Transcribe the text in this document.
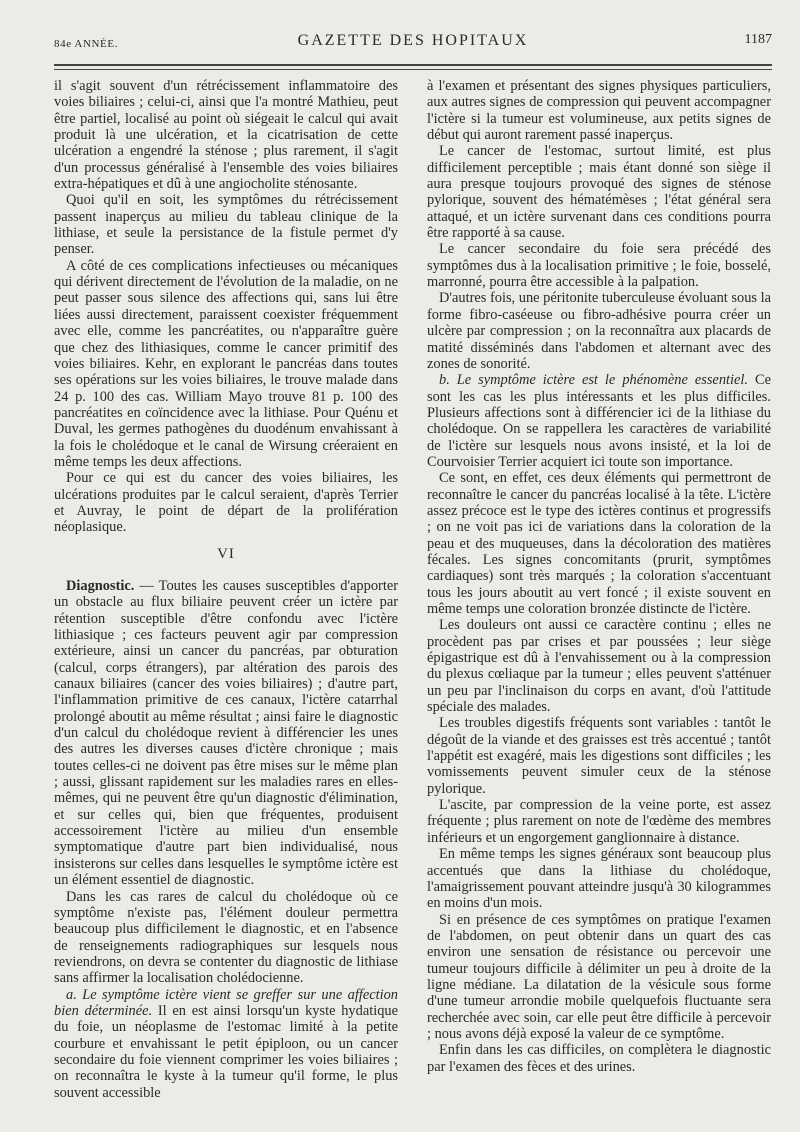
84e ANNÉE.	GAZETTE DES HOPITAUX	1187

il s'agit souvent d'un rétrécissement inflammatoire des voies biliaires ; celui-ci, ainsi que l'a montré Mathieu, peut être partiel, localisé au point où siégeait le calcul qui avait produit là une ulcération, et la cicatrisation de cette ulcération a engendré la sténose ; plus rarement, il s'agit d'un processus généralisé à l'ensemble des voies biliaires extra-hépatiques et dû à une angiocholite sténosante.

Quoi qu'il en soit, les symptômes du rétrécissement passent inaperçus au milieu du tableau clinique de la lithiase, et seule la persistance de la fistule permet d'y penser.

A côté de ces complications infectieuses ou mécaniques qui dérivent directement de l'évolution de la maladie, on ne peut passer sous silence des affections qui, sans lui être liées aussi directement, paraissent coexister fréquemment avec elle, comme les pancréatites, ou n'apparaître guère que chez des lithiasiques, comme le cancer primitif des voies biliaires. Kehr, en explorant le pancréas dans toutes ses opérations sur les voies biliaires, le trouve malade dans 24 p. 100 des cas. William Mayo trouve 81 p. 100 des pancréatites en coïncidence avec la lithiase. Pour Quénu et Duval, les germes pathogènes du duodénum envahissant à la fois le cholédoque et le canal de Wirsung créeraient en même temps les deux affections.

Pour ce qui est du cancer des voies biliaires, les ulcérations produites par le calcul seraient, d'après Terrier et Auvray, le point de départ de la prolifération néoplasique.

VI

Diagnostic. — Toutes les causes susceptibles d'apporter un obstacle au flux biliaire peuvent créer un ictère par rétention susceptible d'être confondu avec l'ictère lithiasique ; ces facteurs peuvent agir par compression extérieure, ainsi un cancer du pancréas, par obturation (calcul, corps étrangers), par altération des parois des canaux biliaires (cancer des voies biliaires) ; d'autre part, l'inflammation primitive de ces canaux, l'ictère catarrhal prolongé aboutit au même résultat ; ainsi faire le diagnostic d'un calcul du cholédoque revient à différencier les unes des autres les diverses causes d'ictère chronique ; mais toutes celles-ci ne doivent pas être mises sur le même plan ; aussi, glissant rapidement sur les maladies rares en elles-mêmes, qui ne peuvent être qu'un diagnostic d'élimination, et sur celles qui, bien que fréquentes, produisent accessoirement l'ictère au milieu d'un ensemble symptomatique d'autre part bien individualisé, nous insisterons sur celles dans lesquelles le symptôme ictère est un élément essentiel de diagnostic.

Dans les cas rares de calcul du cholédoque où ce symptôme n'existe pas, l'élément douleur permettra beaucoup plus difficilement le diagnostic, et en l'absence de renseignements radiographiques sur lesquels nous reviendrons, on devra se contenter du diagnostic de lithiase sans affirmer la localisation cholédocienne.

a. Le symptôme ictère vient se greffer sur une affection bien déterminée. Il en est ainsi lorsqu'un kyste hydatique du foie, un néoplasme de l'estomac limité à la petite courbure et envahissant le petit épiploon, ou un cancer secondaire du foie viennent comprimer les voies biliaires ; on reconnaîtra le kyste à la tumeur qu'il forme, le plus souvent accessible

à l'examen et présentant des signes physiques particuliers, aux autres signes de compression qui peuvent accompagner l'ictère si la tumeur est volumineuse, aux petits signes de début qui auront rarement passé inaperçus.

Le cancer de l'estomac, surtout limité, est plus difficilement perceptible ; mais étant donné son siège il aura presque toujours provoqué des signes de sténose pylorique, souvent des hématémèses ; l'état général sera attaqué, et un ictère survenant dans ces conditions pourra être rapporté à sa cause.

Le cancer secondaire du foie sera précédé des symptômes dus à la localisation primitive ; le foie, bosselé, marronné, pourra être accessible à la palpation.

D'autres fois, une péritonite tuberculeuse évoluant sous la forme fibro-caséeuse ou fibro-adhésive pourra créer un ulcère par compression ; on la reconnaîtra aux placards de matité disséminés dans l'abdomen et alternant avec des zones de sonorité.

b. Le symptôme ictère est le phénomène essentiel. Ce sont les cas les plus intéressants et les plus difficiles. Plusieurs affections sont à différencier ici de la lithiase du cholédoque. On se rappellera les caractères de variabilité de l'ictère sur lesquels nous avons insisté, et la loi de Courvoisier Terrier acquiert ici toute son importance.

Ce sont, en effet, ces deux éléments qui permettront de reconnaître le cancer du pancréas localisé à la tête. L'ictère assez précoce est le type des ictères continus et progressifs ; on ne voit pas ici de variations dans la coloration de la peau et des muqueuses, dans la décoloration des matières fécales. Les signes concomitants (prurit, symptômes cardiaques) sont très marqués ; la coloration s'accentuant tous les jours aboutit au vert foncé ; il existe souvent en même temps une coloration bronzée distincte de l'ictère.

Les douleurs ont aussi ce caractère continu ; elles ne procèdent pas par crises et par poussées ; leur siège épigastrique est dû à l'envahissement ou à la compression du plexus cœliaque par la tumeur ; elles peuvent s'atténuer un peu par l'inclinaison du corps en avant, d'où l'attitude spéciale des malades.

Les troubles digestifs fréquents sont variables : tantôt le dégoût de la viande et des graisses est très accentué ; tantôt l'appétit est exagéré, mais les digestions sont difficiles ; les vomissements peuvent simuler ceux de la sténose pylorique.

L'ascite, par compression de la veine porte, est assez fréquente ; plus rarement on note de l'œdème des membres inférieurs et un engorgement ganglionnaire à distance.

En même temps les signes généraux sont beaucoup plus accentués que dans la lithiase du cholédoque, l'amaigrissement pouvant atteindre jusqu'à 30 kilogrammes en moins d'un mois.

Si en présence de ces symptômes on pratique l'examen de l'abdomen, on peut obtenir dans un quart des cas environ une sensation de résistance ou percevoir une tumeur toujours difficile à délimiter un peu à droite de la ligne médiane. La dilatation de la vésicule sous forme d'une tumeur arrondie mobile quelquefois fluctuante sera recherchée avec soin, car elle peut être difficile à percevoir ; nous avons déjà exposé la valeur de ce symptôme.

Enfin dans les cas difficiles, on complètera le diagnostic par l'examen des fèces et des urines.
